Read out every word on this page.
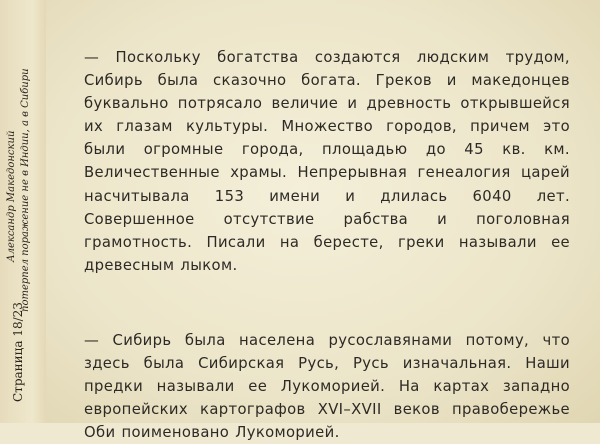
Александр Македонский потерпел поражение не в Индии, а в Сибири
Страница 18/23

— Поскольку богатства создаются людским трудом, Сибирь была сказочно богата. Греков и македонцев буквально потрясало величие и древность открывшейся их глазам культуры. Множество городов, причем это были огромные города, площадью до 45 кв. км. Величественные храмы. Непрерывная генеалогия царей насчитывала 153 имени и длилась 6040 лет. Совершенное отсутствие рабства и поголовная грамотность. Писали на бересте, греки называли ее древесным лыком.

— Сибирь была населена русославянами потому, что здесь была Сибирская Русь, Русь изначальная. Наши предки называли ее Лукоморией. На картах западно европейских картографов XVI–XVII веков правобережье Оби поименовано Лукоморией.
